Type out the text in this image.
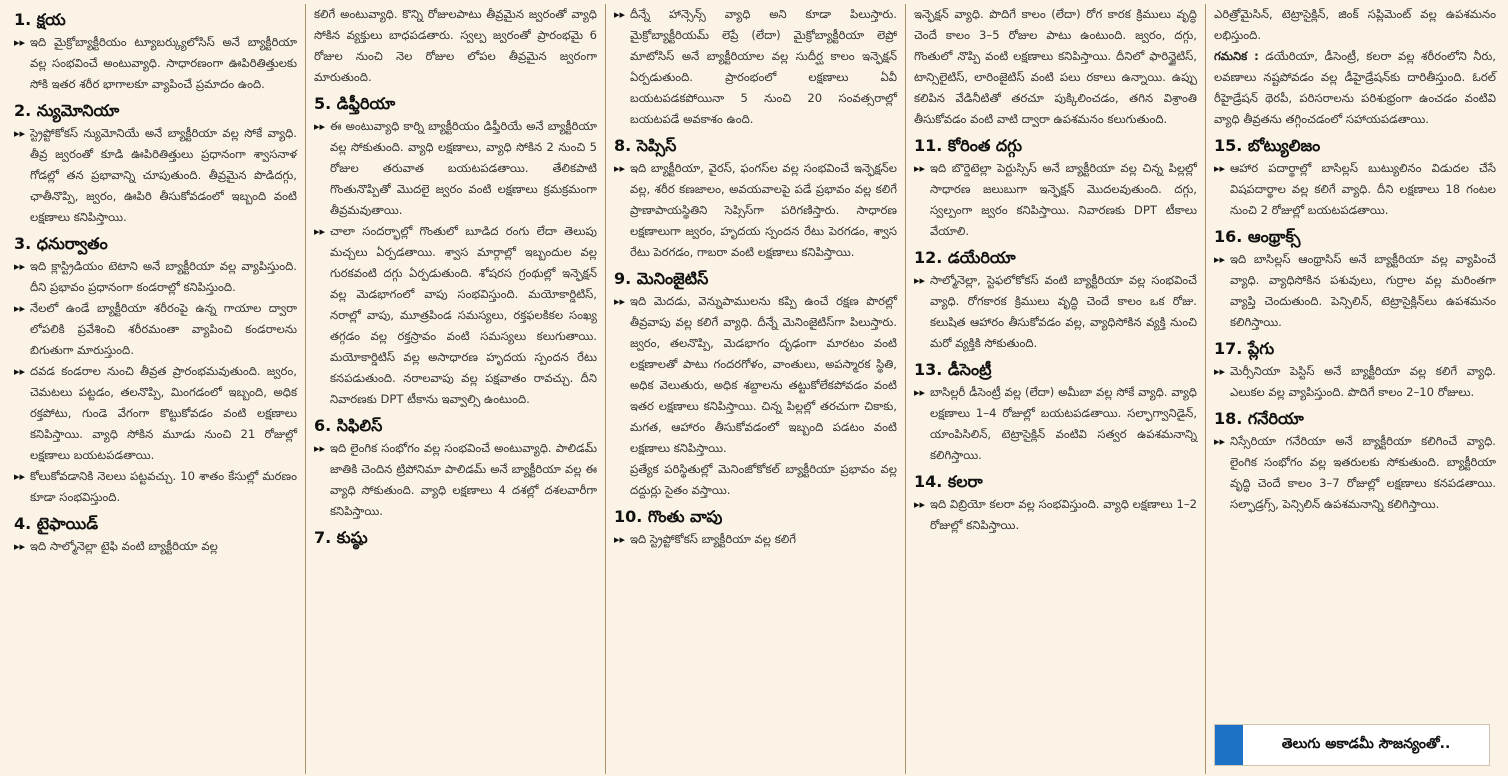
1. క్షయ
▸▸ ఇది మైక్రోబ్యాక్టీరియం ట్యూబర్క్యులోసిస్ అనే బ్యాక్టీరియా వల్ల సంభవించే అంటువ్యాధి. సాధారణంగా ఊపిరితిత్తులకు సోకి ఇతర శరీర భాగాలకూ వ్యాపించే ప్రమాదం ఉంది.
2. న్యుమోనియా
▸▸ స్ట్రెప్టోకోకస్ న్యుమోనియే అనే బ్యాక్టీరియా వల్ల సోకే వ్యాధి. తీవ్ర జ్వరంతో కూడి ఊపిరితిత్తులు ప్రధానంగా శ్వాసనాళ గోడల్లో తన ప్రభావాన్ని చూపుతుంది. తీవ్రమైన పొడిదగ్గు, ఛాతీనొప్పి, జ్వరం, ఊపిరి తీసుకోవడంలో ఇబ్బంది వంటి లక్షణాలు కనిపిస్తాయి.
3. ధనుర్వాతం
▸▸ ఇది క్లాస్ట్రిడియం టెటాని అనే బ్యాక్టీరియా వల్ల వ్యాపిస్తుంది. దీని ప్రభావం ప్రధానంగా కండరాల్లో కనిపిస్తుంది.
▸▸ నేలలో ఉండే బ్యాక్టీరియా శరీరంపై ఉన్న గాయాల ద్వారా లోపలికి ప్రవేశించి శరీరమంతా వ్యాపించి కండరాలను బిగుతుగా మారుస్తుంది.
▸▸ దవడ కండరాల నుంచి తీవ్రత ప్రారంభమవుతుంది. జ్వరం, చెమటలు పట్టడం, తలనొప్పి, మింగడంలో ఇబ్బంది, అధిక రక్తపోటు, గుండె వేగంగా కొట్టుకోవడం వంటి లక్షణాలు కనిపిస్తాయి. వ్యాధి సోకిన మూడు నుంచి 21 రోజుల్లో లక్షణాలు బయటపడతాయి.
▸▸ కోలుకోవడానికి నెలలు పట్టవచ్చు. 10 శాతం కేసుల్లో మరణం కూడా సంభవిస్తుంది.
4. టైఫాయిడ్
▸▸ ఇది సాల్మోనెల్లా టైఫి వంటి బ్యాక్టీరియా వల్ల
కలిగే అంటువ్యాధి. కొన్ని రోజులపాటు తీవ్రమైన జ్వరంతో వ్యాధి సోకిన వ్యక్తులు బాధపడతారు. స్వల్ప జ్వరంతో ప్రారంభమై 6 రోజుల నుంచి నెల రోజుల లోపల తీవ్రమైన జ్వరంగా మారుతుంది.
5. డిఫ్తీరియా
▸▸ ఈ అంటువ్యాధి కార్ని బ్యాక్టీరియం డిఫ్తీరియే అనే బ్యాక్టీరియా వల్ల సోకుతుంది. వ్యాధి లక్షణాలు, వ్యాధి సోకిన 2 నుంచి 5 రోజుల తరువాత బయటపడతాయి. తేలికపాటి గొంతునొప్పితో మొదలై జ్వరం వంటి లక్షణాలు క్రమక్రమంగా తీవ్రమవుతాయి.
▸▸ చాలా సందర్భాల్లో గొంతులో బూడిద రంగు లేదా తెలుపు మచ్చలు ఏర్పడతాయి. శ్వాస మార్గాల్లో ఇబ్బందుల వల్ల గురకవంటి దగ్గు ఏర్పడుతుంది. శోషరస గ్రంథుల్లో ఇన్ఫెక్షన్ వల్ల మెడభాగంలో వాపు సంభవిస్తుంది. మయోకార్డిటిస్, నరాల్లో వాపు, మూత్రపిండ సమస్యలు, రక్తఫలకికల సంఖ్య తగ్గడం వల్ల రక్తస్రావం వంటి సమస్యలు కలుగుతాయి. మయోకార్డిటిస్ వల్ల అసాధారణ హృదయ స్పందన రేటు కనపడుతుంది. నరాలవాపు వల్ల పక్షవాతం రావచ్చు. దీని నివారణకు DPT టీకాను ఇవ్వాల్సి ఉంటుంది.
6. సిఫిలిస్
▸▸ ఇది లైంగిక సంభోగం వల్ల సంభవించే అంటువ్యాధి. పాలిడమ్ జాతికి చెందిన ట్రిపోనిమా పాలిడమ్ అనే బ్యాక్టీరియా వల్ల ఈ వ్యాధి సోకుతుంది. వ్యాధి లక్షణాలు 4 దశల్లో దశలవారీగా కనిపిస్తాయి.
7. కుష్ఠు
▸▸ దీన్నే హాన్సెన్స్ వ్యాధి అని కూడా పిలుస్తారు. మైక్రోబ్యాక్టీరియమ్ లెప్రే (లేదా) మైక్రోబ్యాక్టీరియా లెప్రో మాటోసిస్ అనే బ్యాక్టీరియాల వల్ల సుదీర్ఘ కాలం ఇన్ఫెక్షన్ ఏర్పడుతుంది. ప్రారంభంలో లక్షణాలు ఏవీ బయటపడకపోయినా 5 నుంచి 20 సంవత్సరాల్లో బయటపడే అవకాశం ఉంది.
8. సెప్సిస్
▸▸ ఇది బ్యాక్టీరియా, వైరస్, ఫంగస్‌ల వల్ల సంభవించే ఇన్ఫెక్షన్‌ల వల్ల, శరీర కణజాలం, అవయవాలపై పడే ప్రభావం వల్ల కలిగే ప్రాణాపాయస్థితిని సెప్సిస్‌గా పరిగణిస్తారు. సాధారణ లక్షణాలుగా జ్వరం, హృదయ స్పందన రేటు పెరగడం, శ్వాస రేటు పెరగడం, గాబరా వంటి లక్షణాలు కనిపిస్తాయి.
9. మెనింజైటిస్
▸▸ ఇది మెదడు, వెన్నుపాములను కప్పి ఉంచే రక్షణ పొరల్లో తీవ్రవాపు వల్ల కలిగే వ్యాధి. దీన్నే మెనింజైటిస్‌గా పిలుస్తారు. జ్వరం, తలనొప్పి, మెడభాగం దృఢంగా మారటం వంటి లక్షణాలతో పాటు గందరగోళం, వాంతులు, అపస్మారక స్థితి, అధిక వెలుతురు, అధిక శబ్దాలను తట్టుకోలేకపోవడం వంటి ఇతర లక్షణాలు కనిపిస్తాయి. చిన్న పిల్లల్లో తరచుగా చికాకు, మగత, ఆహారం తీసుకోవడంలో ఇబ్బంది పడటం వంటి లక్షణాలు కనిపిస్తాయి.
ప్రత్యేక పరిస్థితుల్లో మెనింజోకోకల్ బ్యాక్టీరియా ప్రభావం వల్ల దద్దుర్లు సైతం వస్తాయి.
10. గొంతు వాపు
▸▸ ఇది స్ట్రెప్టోకోకస్ బ్యాక్టీరియా వల్ల కలిగే
ఇన్ఫెక్షన్ వ్యాధి. పొదిగే కాలం (లేదా) రోగ కారక క్రిములు వృద్ధి చెందే కాలం 3–5 రోజుల పాటు ఉంటుంది. జ్వరం, దగ్గు, గొంతులో నొప్పి వంటి లక్షణాలు కనిపిస్తాయి. దీనిలో ఫారిన్జైటిస్, టాన్సిలైటిస్, లారింజైటిస్ వంటి పలు రకాలు ఉన్నాయి. ఉప్పు కలిపిన వేడినీటితో తరచూ పుక్కిలించడం, తగిన విశ్రాంతి తీసుకోవడం వంటి వాటి ద్వారా ఉపశమనం కలుగుతుంది.
11. కోరింత దగ్గు
▸▸ ఇది బొర్డెటెల్లా పెర్టుస్సిస్ అనే బ్యాక్టీరియా వల్ల చిన్న పిల్లల్లో సాధారణ జలుబుగా ఇన్ఫెక్షన్ మొదలవుతుంది. దగ్గు, స్వల్పంగా జ్వరం కనిపిస్తాయి. నివారణకు DPT టీకాలు వేయాలి.
12. డయేరియా
▸▸ సాల్మోనెల్లా, స్టెఫలోకోకస్ వంటి బ్యాక్టీరియా వల్ల సంభవించే వ్యాధి. రోగకారక క్రిములు వృద్ధి చెందే కాలం ఒక రోజు. కలుషిత ఆహారం తీసుకోవడం వల్ల, వ్యాధిసోకిన వ్యక్తి నుంచి మరో వ్యక్తికి సోకుతుంది.
13. డీసెంట్రీ
▸▸ బాసిల్లరీ డీసెంట్రీ వల్ల (లేదా) అమీబా వల్ల సోకే వ్యాధి. వ్యాధి లక్షణాలు 1–4 రోజుల్లో బయటపడతాయి. సల్ఫాగ్వానిడైన్, యాంపిసిలిన్, టెట్రాసైక్లిన్ వంటివి సత్వర ఉపశమనాన్ని కలిగిస్తాయి.
14. కలరా
▸▸ ఇది విబ్రియో కలరా వల్ల సంభవిస్తుంది. వ్యాధి లక్షణాలు 1–2 రోజుల్లో కనిపిస్తాయి.
ఎరిత్రోమైసిన్, టెట్రాసైక్లిన్, జింక్ సప్లిమెంట్ వల్ల ఉపశమనం లభిస్తుంది.
గమనిక : డయేరియా, డీసెంట్రీ, కలరా వల్ల శరీరంలోని నీరు, లవణాలు నష్టపోవడం వల్ల డీహైడ్రేషన్‌కు దారితీస్తుంది. ఓరల్ రీహైడ్రేషన్ థెరపీ, పరిసరాలను పరిశుభ్రంగా ఉంచడం వంటివి వ్యాధి తీవ్రతను తగ్గించడంలో సహాయపడతాయి.
15. బోట్యులిజం
▸▸ ఆహార పదార్థాల్లో బాసిల్లస్ బుట్యులినం విడుదల చేసే విషపదార్థాల వల్ల కలిగే వ్యాధి. దీని లక్షణాలు 18 గంటల నుంచి 2 రోజుల్లో బయటపడతాయి.
16. ఆంథ్రాక్స్
▸▸ ఇది బాసిల్లస్ ఆంథ్రాసిస్ అనే బ్యాక్టీరియా వల్ల వ్యాపించే వ్యాధి. వ్యాధిసోకిన పశువులు, గుర్రాల వల్ల మరింతగా వ్యాప్తి చెందుతుంది. పెన్సిలిన్, టెట్రాసైక్లిన్‌లు ఉపశమనం కలిగిస్తాయి.
17. ప్లేగు
▸▸ మెర్సీనియా పెస్టిస్ అనే బ్యాక్టీరియా వల్ల కలిగే వ్యాధి. ఎలుకల వల్ల వ్యాపిస్తుంది. పొదిగే కాలం 2–10 రోజులు.
18. గనేరియా
▸▸ నిస్సేరియా గనేరియా అనే బ్యాక్టీరియా కలిగించే వ్యాధి. లైంగిక సంభోగం వల్ల ఇతరులకు సోకుతుంది. బ్యాక్టీరియా వృద్ధి చెందే కాలం 3–7 రోజుల్లో లక్షణాలు కనపడతాయి. సల్ఫాడ్రగ్స్, పెన్సిలిన్ ఉపశమనాన్ని కలిగిస్తాయి.
తెలుగు అకాడమీ సౌజన్యంతో..
